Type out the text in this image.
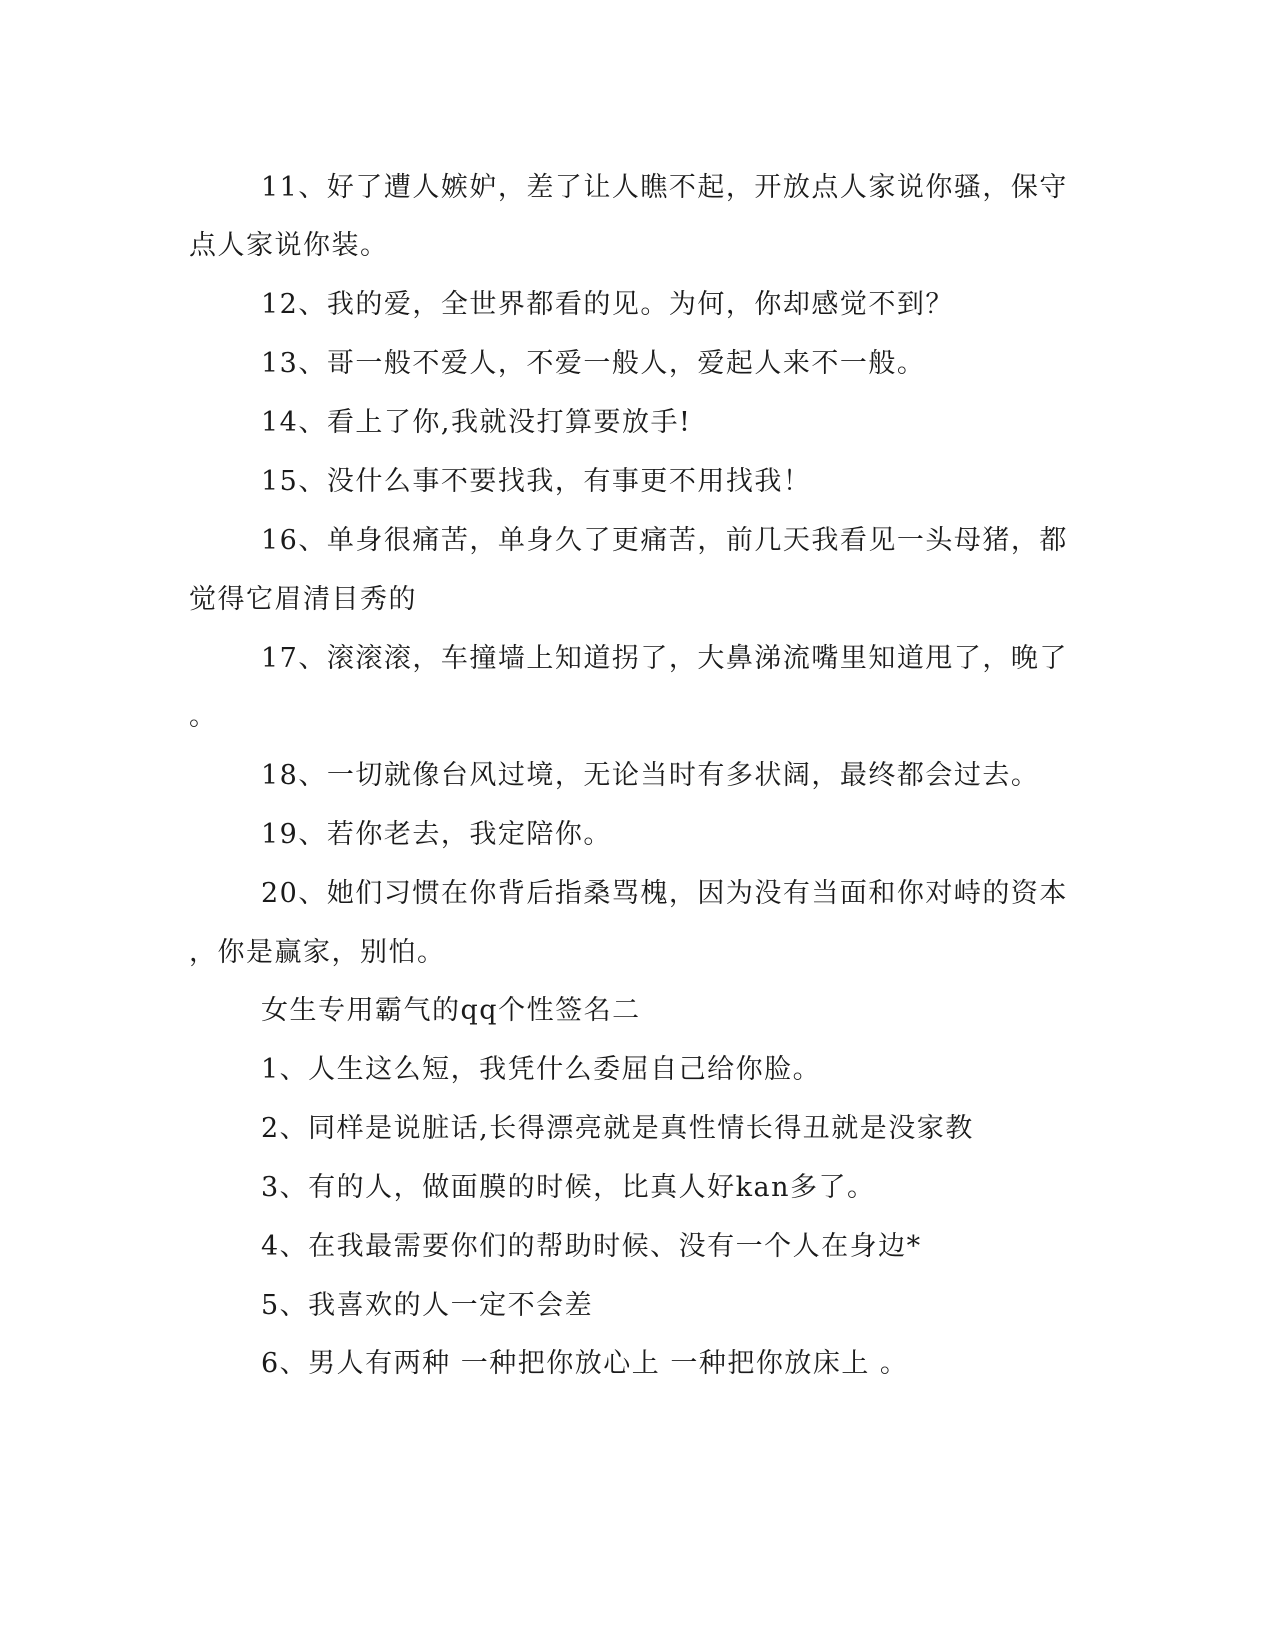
11、好了遭人嫉妒，差了让人瞧不起，开放点人家说你骚，保守
点人家说你装。
12、我的爱，全世界都看的见。为何，你却感觉不到？
13、哥一般不爱人，不爱一般人，爱起人来不一般。
14、看上了你,我就没打算要放手!
15、没什么事不要找我，有事更不用找我！
16、单身很痛苦，单身久了更痛苦，前几天我看见一头母猪，都
觉得它眉清目秀的
17、滚滚滚，车撞墙上知道拐了，大鼻涕流嘴里知道甩了，晚了
。
18、一切就像台风过境，无论当时有多状阔，最终都会过去。
19、若你老去，我定陪你。
20、她们习惯在你背后指桑骂槐，因为没有当面和你对峙的资本
，你是赢家，别怕。
女生专用霸气的qq个性签名二
1、人生这么短，我凭什么委屈自己给你脸。
2、同样是说脏话,长得漂亮就是真性情长得丑就是没家教
3、有的人，做面膜的时候，比真人好kan多了。
4、在我最需要你们的帮助时候、没有一个人在身边*
5、我喜欢的人一定不会差
6、男人有两种 一种把你放心上 一种把你放床上 。
